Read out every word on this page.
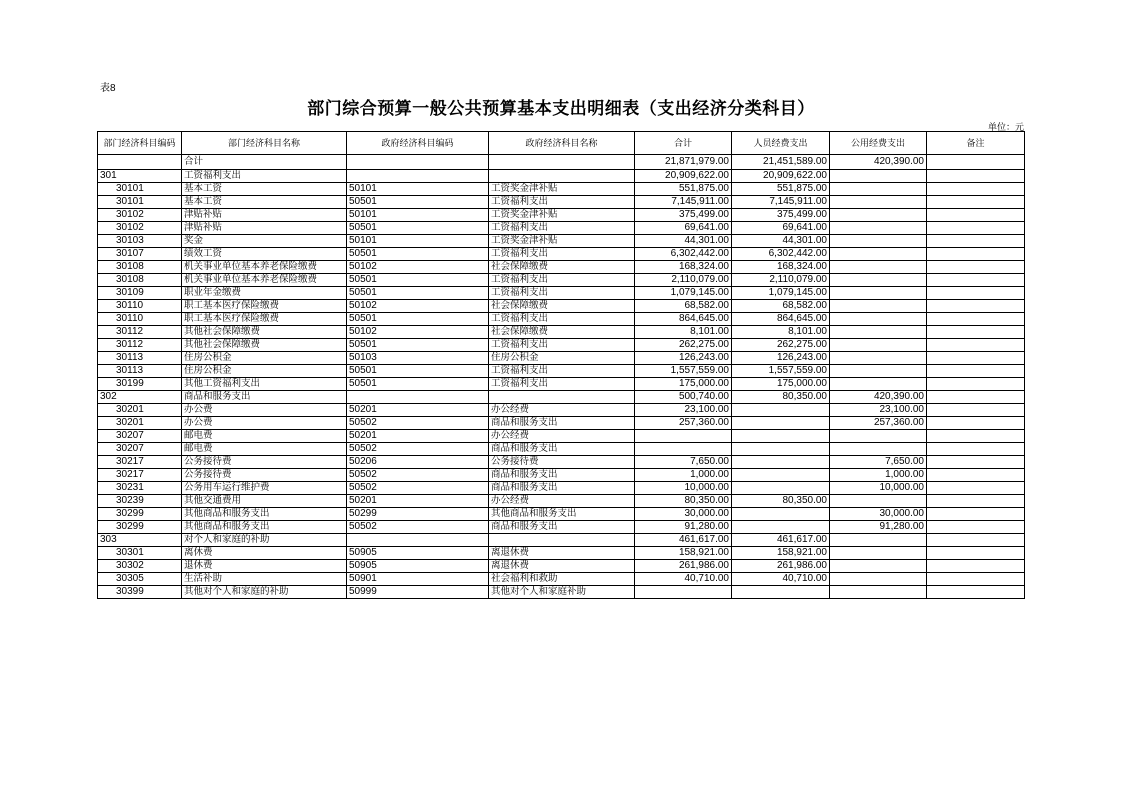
表8
部门综合预算一般公共预算基本支出明细表（支出经济分类科目）
单位：元
部门经济科目编码	部门经济科目名称	政府经济科目编码	政府经济科目名称	合计	人员经费支出	公用经费支出	备注
	合计			21,871,979.00	21,451,589.00	420,390.00	
301	工资福利支出			20,909,622.00	20,909,622.00		
30101	基本工资	50101	工资奖金津补贴	551,875.00	551,875.00		
30101	基本工资	50501	工资福利支出	7,145,911.00	7,145,911.00		
30102	津贴补贴	50101	工资奖金津补贴	375,499.00	375,499.00		
30102	津贴补贴	50501	工资福利支出	69,641.00	69,641.00		
30103	奖金	50101	工资奖金津补贴	44,301.00	44,301.00		
30107	绩效工资	50501	工资福利支出	6,302,442.00	6,302,442.00		
30108	机关事业单位基本养老保险缴费	50102	社会保障缴费	168,324.00	168,324.00		
30108	机关事业单位基本养老保险缴费	50501	工资福利支出	2,110,079.00	2,110,079.00		
30109	职业年金缴费	50501	工资福利支出	1,079,145.00	1,079,145.00		
30110	职工基本医疗保险缴费	50102	社会保障缴费	68,582.00	68,582.00		
30110	职工基本医疗保险缴费	50501	工资福利支出	864,645.00	864,645.00		
30112	其他社会保障缴费	50102	社会保障缴费	8,101.00	8,101.00		
30112	其他社会保障缴费	50501	工资福利支出	262,275.00	262,275.00		
30113	住房公积金	50103	住房公积金	126,243.00	126,243.00		
30113	住房公积金	50501	工资福利支出	1,557,559.00	1,557,559.00		
30199	其他工资福利支出	50501	工资福利支出	175,000.00	175,000.00		
302	商品和服务支出			500,740.00	80,350.00	420,390.00	
30201	办公费	50201	办公经费	23,100.00		23,100.00	
30201	办公费	50502	商品和服务支出	257,360.00		257,360.00	
30207	邮电费	50201	办公经费				
30207	邮电费	50502	商品和服务支出				
30217	公务接待费	50206	公务接待费	7,650.00		7,650.00	
30217	公务接待费	50502	商品和服务支出	1,000.00		1,000.00	
30231	公务用车运行维护费	50502	商品和服务支出	10,000.00		10,000.00	
30239	其他交通费用	50201	办公经费	80,350.00	80,350.00		
30299	其他商品和服务支出	50299	其他商品和服务支出	30,000.00		30,000.00	
30299	其他商品和服务支出	50502	商品和服务支出	91,280.00		91,280.00	
303	对个人和家庭的补助			461,617.00	461,617.00		
30301	离休费	50905	离退休费	158,921.00	158,921.00		
30302	退休费	50905	离退休费	261,986.00	261,986.00		
30305	生活补助	50901	社会福利和救助	40,710.00	40,710.00		
30399	其他对个人和家庭的补助	50999	其他对个人和家庭补助				
